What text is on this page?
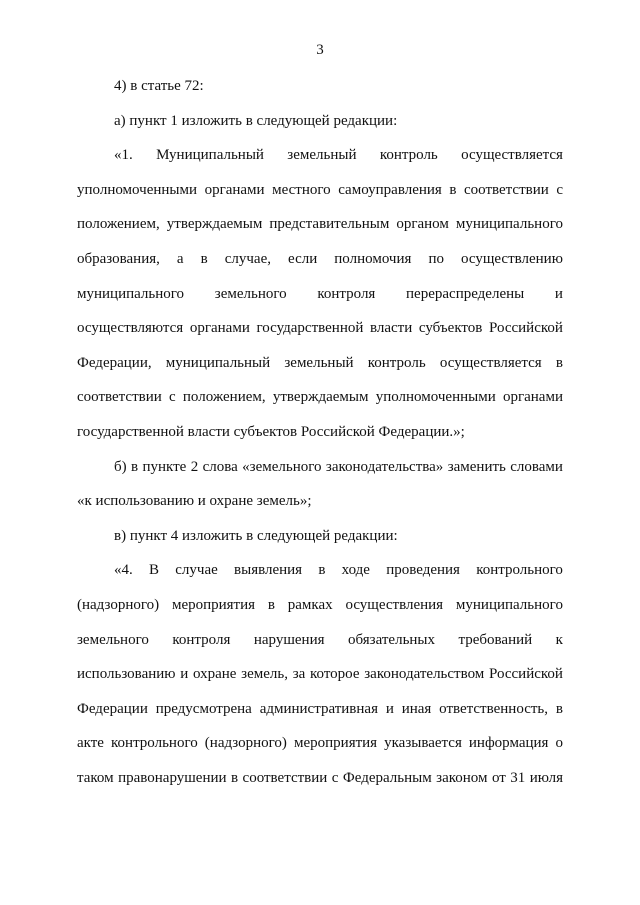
3
4) в статье 72:
а) пункт 1 изложить в следующей редакции:
«1. Муниципальный земельный контроль осуществляется
уполномоченными органами местного самоуправления в соответствии с
положением, утверждаемым представительным органом муниципального
образования, а в случае, если полномочия по осуществлению
муниципального земельного контроля перераспределены и
осуществляются органами государственной власти субъектов Российской
Федерации, муниципальный земельный контроль осуществляется в
соответствии с положением, утверждаемым уполномоченными органами
государственной власти субъектов Российской Федерации.»;
б) в пункте 2 слова «земельного законодательства» заменить словами
«к использованию и охране земель»;
в) пункт 4 изложить в следующей редакции:
«4. В случае выявления в ходе проведения контрольного
(надзорного) мероприятия в рамках осуществления муниципального
земельного контроля нарушения обязательных требований к
использованию и охране земель, за которое законодательством Российской
Федерации предусмотрена административная и иная ответственность, в
акте контрольного (надзорного) мероприятия указывается информация о
таком правонарушении в соответствии с Федеральным законом от 31 июля
